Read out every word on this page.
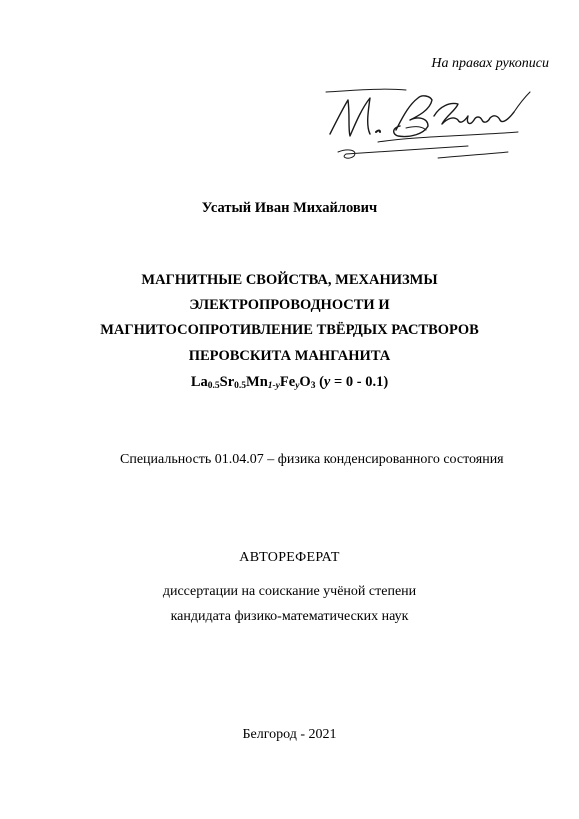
На правах рукописи
Усатый Иван Михайлович
МАГНИТНЫЕ СВОЙСТВА, МЕХАНИЗМЫ
ЭЛЕКТРОПРОВОДНОСТИ И
МАГНИТОСОПРОТИВЛЕНИЕ ТВЁРДЫХ РАСТВОРОВ
ПЕРОВСКИТА МАНГАНИТА
$La_{0.5}Sr_{0.5}Mn_{1-y}Fe_yO_3$ (y = 0 - 0.1)
Специальность 01.04.07 – физика конденсированного состояния
АВТОРЕФЕРАТ
диссертации на соискание учёной степени
кандидата физико-математических наук
Белгород - 2021
